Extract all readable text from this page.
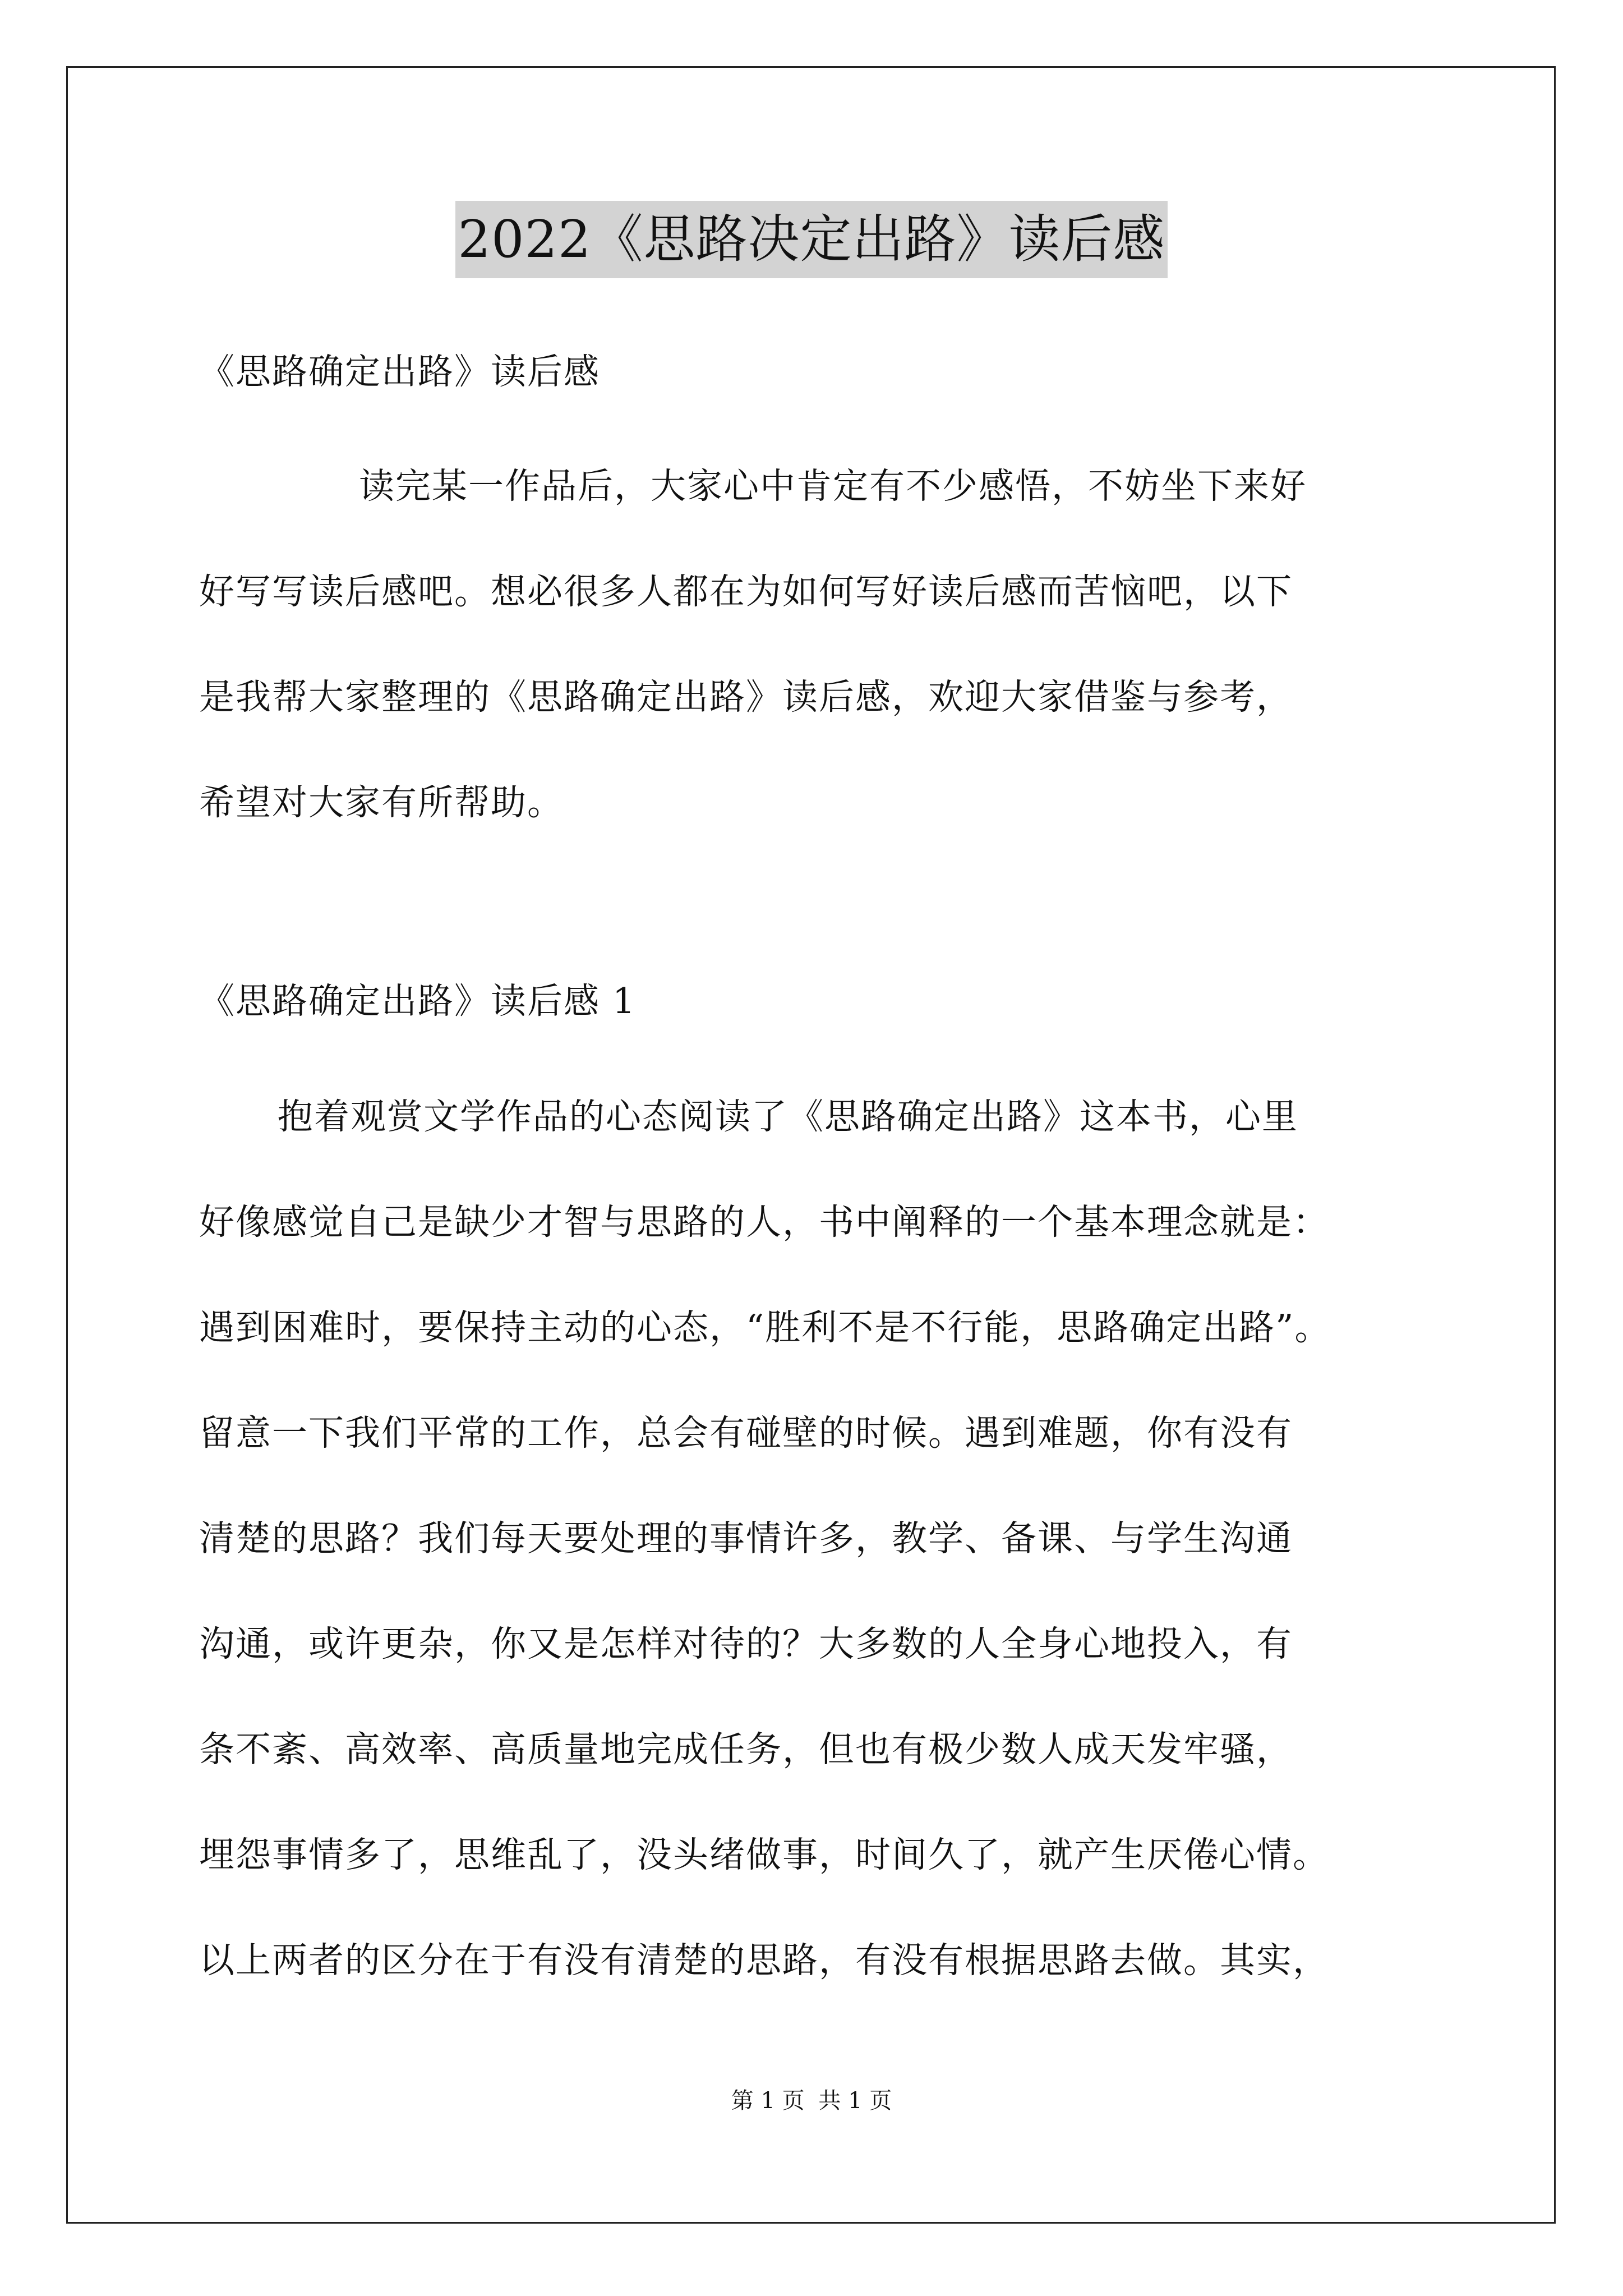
2022《思路决定出路》读后感
《思路确定出路》读后感
读完某一作品后，大家心中肯定有不少感悟，不妨坐下来好
好写写读后感吧。想必很多人都在为如何写好读后感而苦恼吧，以下
是我帮大家整理的《思路确定出路》读后感，欢迎大家借鉴与参考，
希望对大家有所帮助。
《思路确定出路》读后感 1
抱着观赏文学作品的心态阅读了《思路确定出路》这本书，心里
好像感觉自己是缺少才智与思路的人，书中阐释的一个基本理念就是：
遇到困难时，要保持主动的心态，“胜利不是不行能，思路确定出路”。
留意一下我们平常的工作，总会有碰壁的时候。遇到难题，你有没有
清楚的思路？我们每天要处理的事情许多，教学、备课、与学生沟通
沟通，或许更杂，你又是怎样对待的？大多数的人全身心地投入，有
条不紊、高效率、高质量地完成任务，但也有极少数人成天发牢骚，
埋怨事情多了，思维乱了，没头绪做事，时间久了，就产生厌倦心情。
以上两者的区分在于有没有清楚的思路，有没有根据思路去做。其实，
第 1 页 共 1 页
